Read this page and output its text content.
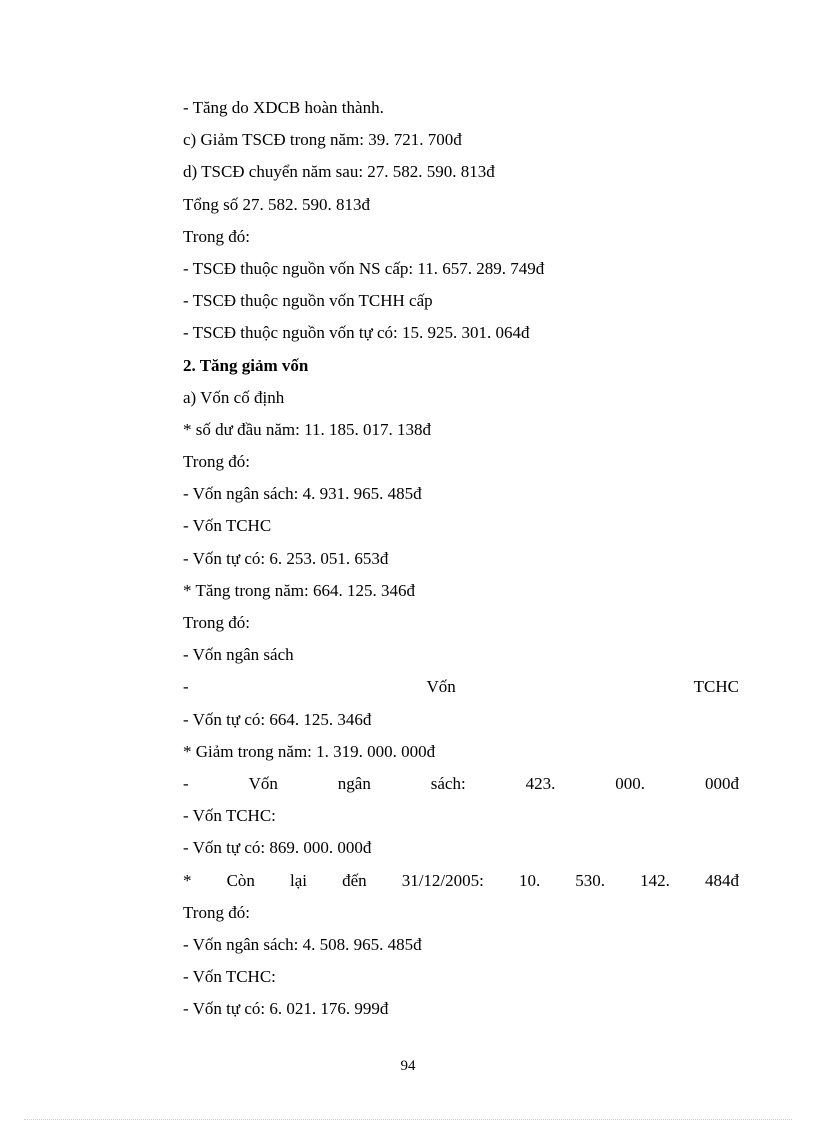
- Tăng do XDCB hoàn thành.
c) Giảm TSCĐ trong năm: 39. 721. 700đ
d) TSCĐ chuyển năm sau: 27. 582. 590. 813đ
Tổng số 27. 582. 590. 813đ
Trong đó:
- TSCĐ thuộc nguồn vốn NS cấp: 11. 657. 289. 749đ
- TSCĐ thuộc nguồn vốn TCHH cấp
- TSCĐ thuộc nguồn vốn tự có: 15. 925. 301. 064đ
2. Tăng giảm vốn
a) Vốn cố định
* số dư đầu năm: 11. 185. 017. 138đ
Trong đó:
- Vốn ngân sách: 4. 931. 965. 485đ
- Vốn TCHC
- Vốn tự có: 6. 253. 051. 653đ
* Tăng trong năm: 664. 125. 346đ
Trong đó:
- Vốn ngân sách
-	Vốn	TCHC
- Vốn tự có: 664. 125. 346đ
* Giảm trong năm: 1. 319. 000. 000đ
-	Vốn	ngân	sách:	423.	000.	000đ
- Vốn TCHC:
- Vốn tự có: 869. 000. 000đ
* Còn lại đến 31/12/2005: 10. 530. 142. 484đ
Trong đó:
- Vốn ngân sách: 4. 508. 965. 485đ
- Vốn TCHC:
- Vốn tự có: 6. 021. 176. 999đ
94
